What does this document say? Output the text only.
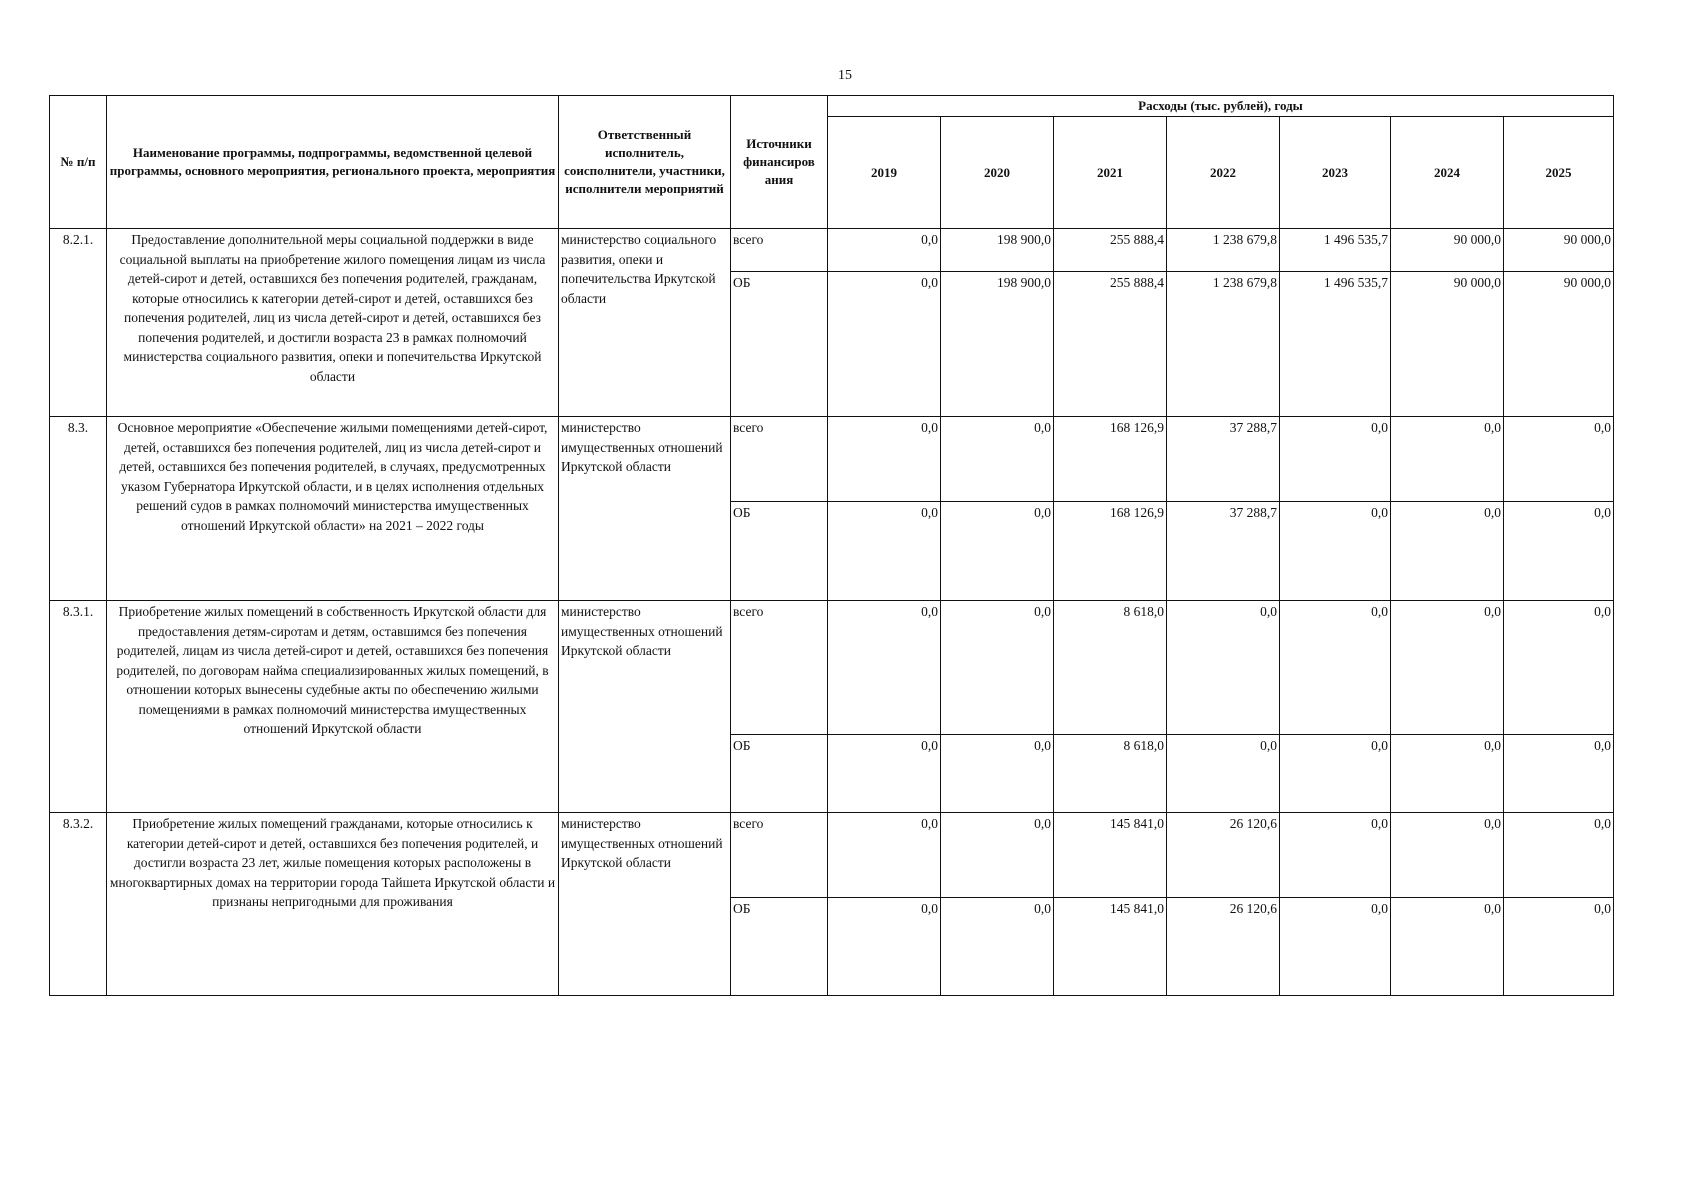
15
№ п/п	Наименование программы, подпрограммы, ведомственной целевой программы, основного мероприятия, регионального проекта, мероприятия	Ответственный исполнитель, соисполнители, участники, исполнители мероприятий	Источники финансиров ания	Расходы (тыс. рублей), годы						
				2019	2020	2021	2022	2023	2024	2025
8.2.1.	Предоставление дополнительной меры социальной поддержки в виде социальной выплаты на приобретение жилого помещения лицам из числа детей-сирот и детей, оставшихся без попечения родителей, гражданам, которые относились к категории детей-сирот и детей, оставшихся без попечения родителей, лиц из числа детей-сирот и детей, оставшихся без попечения родителей, и достигли возраста 23 в рамках полномочий министерства социального развития, опеки и попечительства Иркутской области	министерство социального развития, опеки и попечительства Иркутской области	всего	0,0	198 900,0	255 888,4	1 238 679,8	1 496 535,7	90 000,0	90 000,0
			ОБ	0,0	198 900,0	255 888,4	1 238 679,8	1 496 535,7	90 000,0	90 000,0
8.3.	Основное мероприятие «Обеспечение жилыми помещениями детей-сирот, детей, оставшихся без попечения родителей, лиц из числа детей-сирот и детей, оставшихся без попечения родителей, в случаях, предусмотренных указом Губернатора Иркутской области, и в целях исполнения отдельных решений судов в рамках полномочий министерства имущественных отношений Иркутской области» на 2021 – 2022 годы	министерство имущественных отношений Иркутской области	всего	0,0	0,0	168 126,9	37 288,7	0,0	0,0	0,0
			ОБ	0,0	0,0	168 126,9	37 288,7	0,0	0,0	0,0
8.3.1.	Приобретение жилых помещений в собственность Иркутской области для предоставления детям-сиротам и детям, оставшимся без попечения родителей, лицам из числа детей-сирот и детей, оставшихся без попечения родителей, по договорам найма специализированных жилых помещений, в отношении которых вынесены судебные акты по обеспечению жилыми помещениями в рамках полномочий министерства имущественных отношений Иркутской области	министерство имущественных отношений Иркутской области	всего	0,0	0,0	8 618,0	0,0	0,0	0,0	0,0
			ОБ	0,0	0,0	8 618,0	0,0	0,0	0,0	0,0
8.3.2.	Приобретение жилых помещений гражданами, которые относились к категории детей-сирот и детей, оставшихся без попечения родителей, и достигли возраста 23 лет, жилые помещения которых расположены в многоквартирных домах на территории города Тайшета Иркутской области и признаны непригодными для проживания	министерство имущественных отношений Иркутской области	всего	0,0	0,0	145 841,0	26 120,6	0,0	0,0	0,0
			ОБ	0,0	0,0	145 841,0	26 120,6	0,0	0,0	0,0
